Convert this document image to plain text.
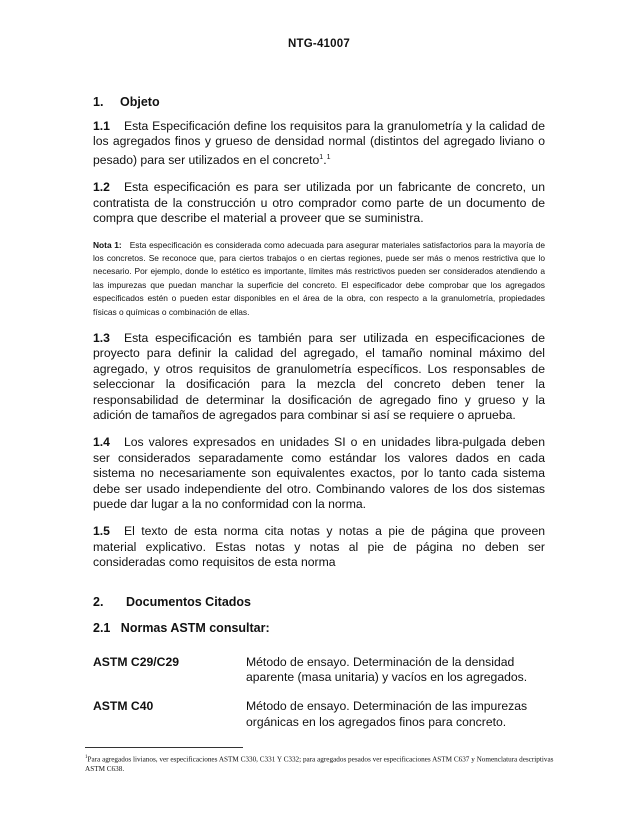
NTG-41007
1.	Objeto

1.1 Esta Especificación define los requisitos para la granulometría y la calidad de los agregados finos y grueso de densidad normal (distintos del agregado liviano o pesado) para ser utilizados en el concreto$^1$.$^1$

1.2 Esta especificación es para ser utilizada por un fabricante de concreto, un contratista de la construcción u otro comprador como parte de un documento de compra que describe el material a proveer que se suministra.

Nota 1: Esta especificación es considerada como adecuada para asegurar materiales satisfactorios para la mayoría de los concretos. Se reconoce que, para ciertos trabajos o en ciertas regiones, puede ser más o menos restrictiva que lo necesario. Por ejemplo, donde lo estético es importante, límites más restrictivos pueden ser considerados atendiendo a las impurezas que puedan manchar la superficie del concreto. El especificador debe comprobar que los agregados especificados estén o pueden estar disponibles en el área de la obra, con respecto a la granulometría, propiedades físicas o químicas o combinación de ellas.

1.3 Esta especificación es también para ser utilizada en especificaciones de proyecto para definir la calidad del agregado, el tamaño nominal máximo del agregado, y otros requisitos de granulometría específicos. Los responsables de seleccionar la dosificación para la mezcla del concreto deben tener la responsabilidad de determinar la dosificación de agregado fino y grueso y la adición de tamaños de agregados para combinar si así se requiere o aprueba.

1.4 Los valores expresados en unidades SI o en unidades libra-pulgada deben ser considerados separadamente como estándar los valores dados en cada sistema no necesariamente son equivalentes exactos, por lo tanto cada sistema debe ser usado independiente del otro. Combinando valores de los dos sistemas puede dar lugar a la no conformidad con la norma.

1.5 El texto de esta norma cita notas y notas a pie de página que proveen material explicativo. Estas notas y notas al pie de página no deben ser consideradas como requisitos de esta norma

2.	Documentos Citados
2.1   Normas ASTM consultar:
ASTM C29/C29	Método de ensayo. Determinación de la densidad aparente (masa unitaria) y vacíos en los agregados.
ASTM C40	Método de ensayo. Determinación de las impurezas orgánicas en los agregados finos para concreto.
$^1$Para agregados livianos, ver especificaciones ASTM C330, C331 Y C332; para agregados pesados ver especificaciones ASTM C637 y Nomenclatura descriptivas ASTM C638.
